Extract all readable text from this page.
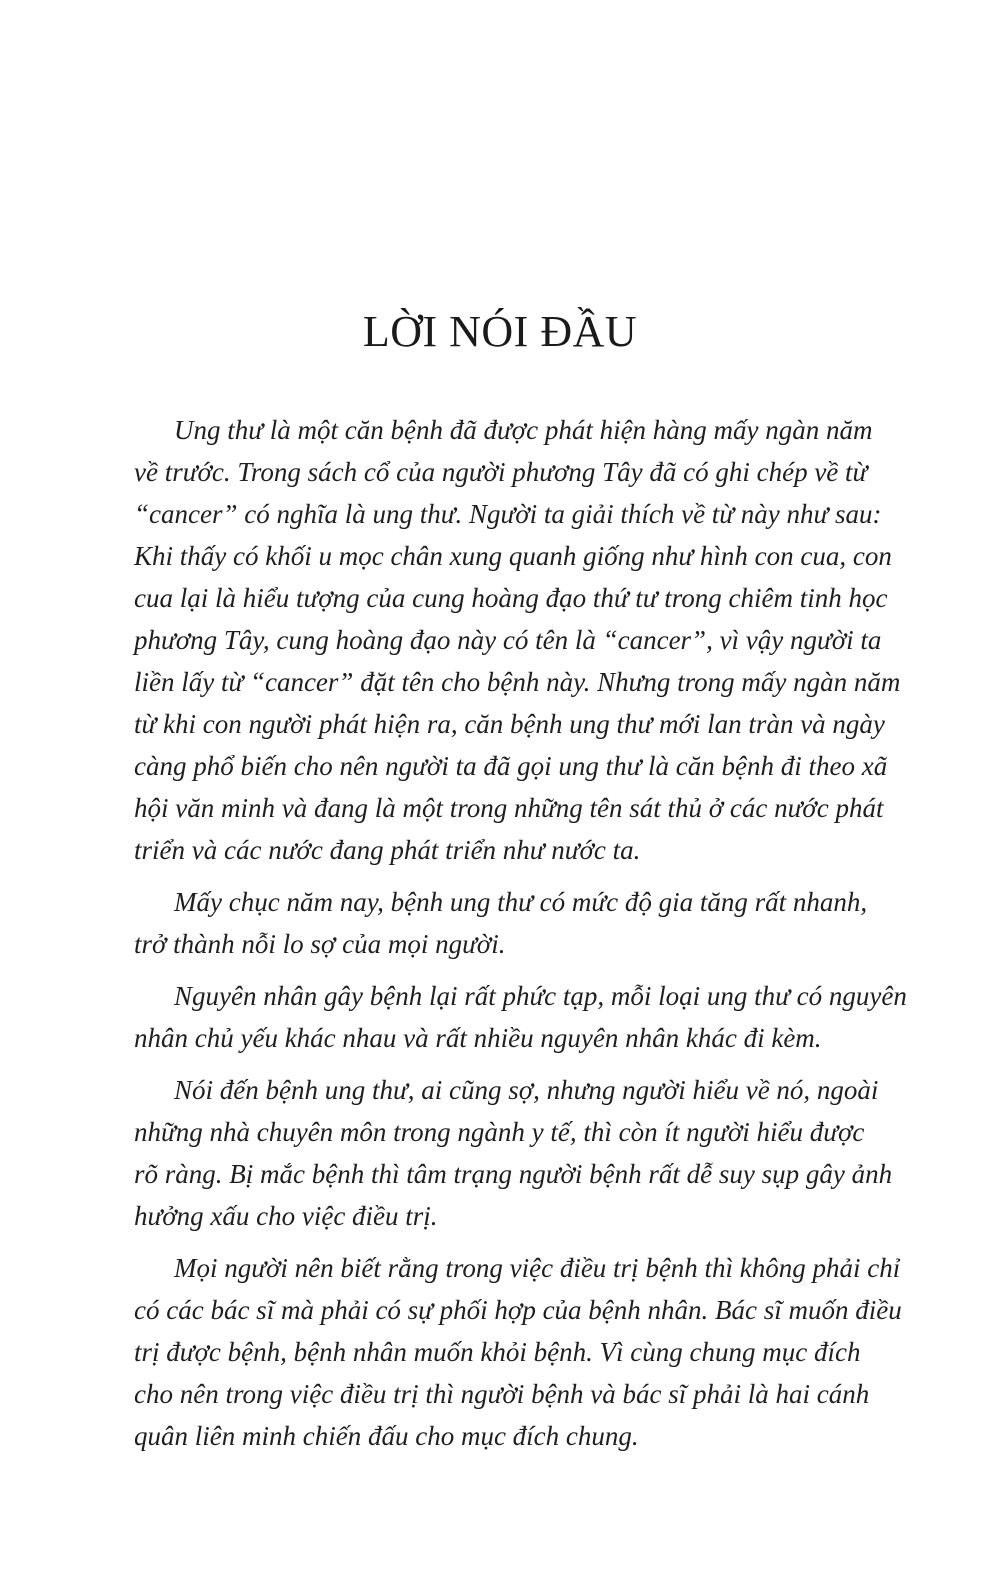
LỜI NÓI ĐẦU
Ung thư là một căn bệnh đã được phát hiện hàng mấy ngàn năm
về trước. Trong sách cổ của người phương Tây đã có ghi chép về từ
“cancer” có nghĩa là ung thư. Người ta giải thích về từ này như sau:
Khi thấy có khối u mọc chân xung quanh giống như hình con cua, con
cua lại là hiểu tượng của cung hoàng đạo thứ tư trong chiêm tinh học
phương Tây, cung hoàng đạo này có tên là “cancer”, vì vậy người ta
liền lấy từ “cancer” đặt tên cho bệnh này. Nhưng trong mấy ngàn năm
từ khi con người phát hiện ra, căn bệnh ung thư mới lan tràn và ngày
càng phổ biến cho nên người ta đã gọi ung thư là căn bệnh đi theo xã
hội văn minh và đang là một trong những tên sát thủ ở các nước phát
triển và các nước đang phát triển như nước ta.
Mấy chục năm nay, bệnh ung thư có mức độ gia tăng rất nhanh,
trở thành nỗi lo sợ của mọi người.
Nguyên nhân gây bệnh lại rất phức tạp, mỗi loại ung thư có nguyên
nhân chủ yếu khác nhau và rất nhiều nguyên nhân khác đi kèm.
Nói đến bệnh ung thư, ai cũng sợ, nhưng người hiểu về nó, ngoài
những nhà chuyên môn trong ngành y tế, thì còn ít người hiểu được
rõ ràng. Bị mắc bệnh thì tâm trạng người bệnh rất dễ suy sụp gây ảnh
hưởng xấu cho việc điều trị.
Mọi người nên biết rằng trong việc điều trị bệnh thì không phải chỉ
có các bác sĩ mà phải có sự phối hợp của bệnh nhân. Bác sĩ muốn điều
trị được bệnh, bệnh nhân muốn khỏi bệnh. Vì cùng chung mục đích
cho nên trong việc điều trị thì người bệnh và bác sĩ phải là hai cánh
quân liên minh chiến đấu cho mục đích chung.
